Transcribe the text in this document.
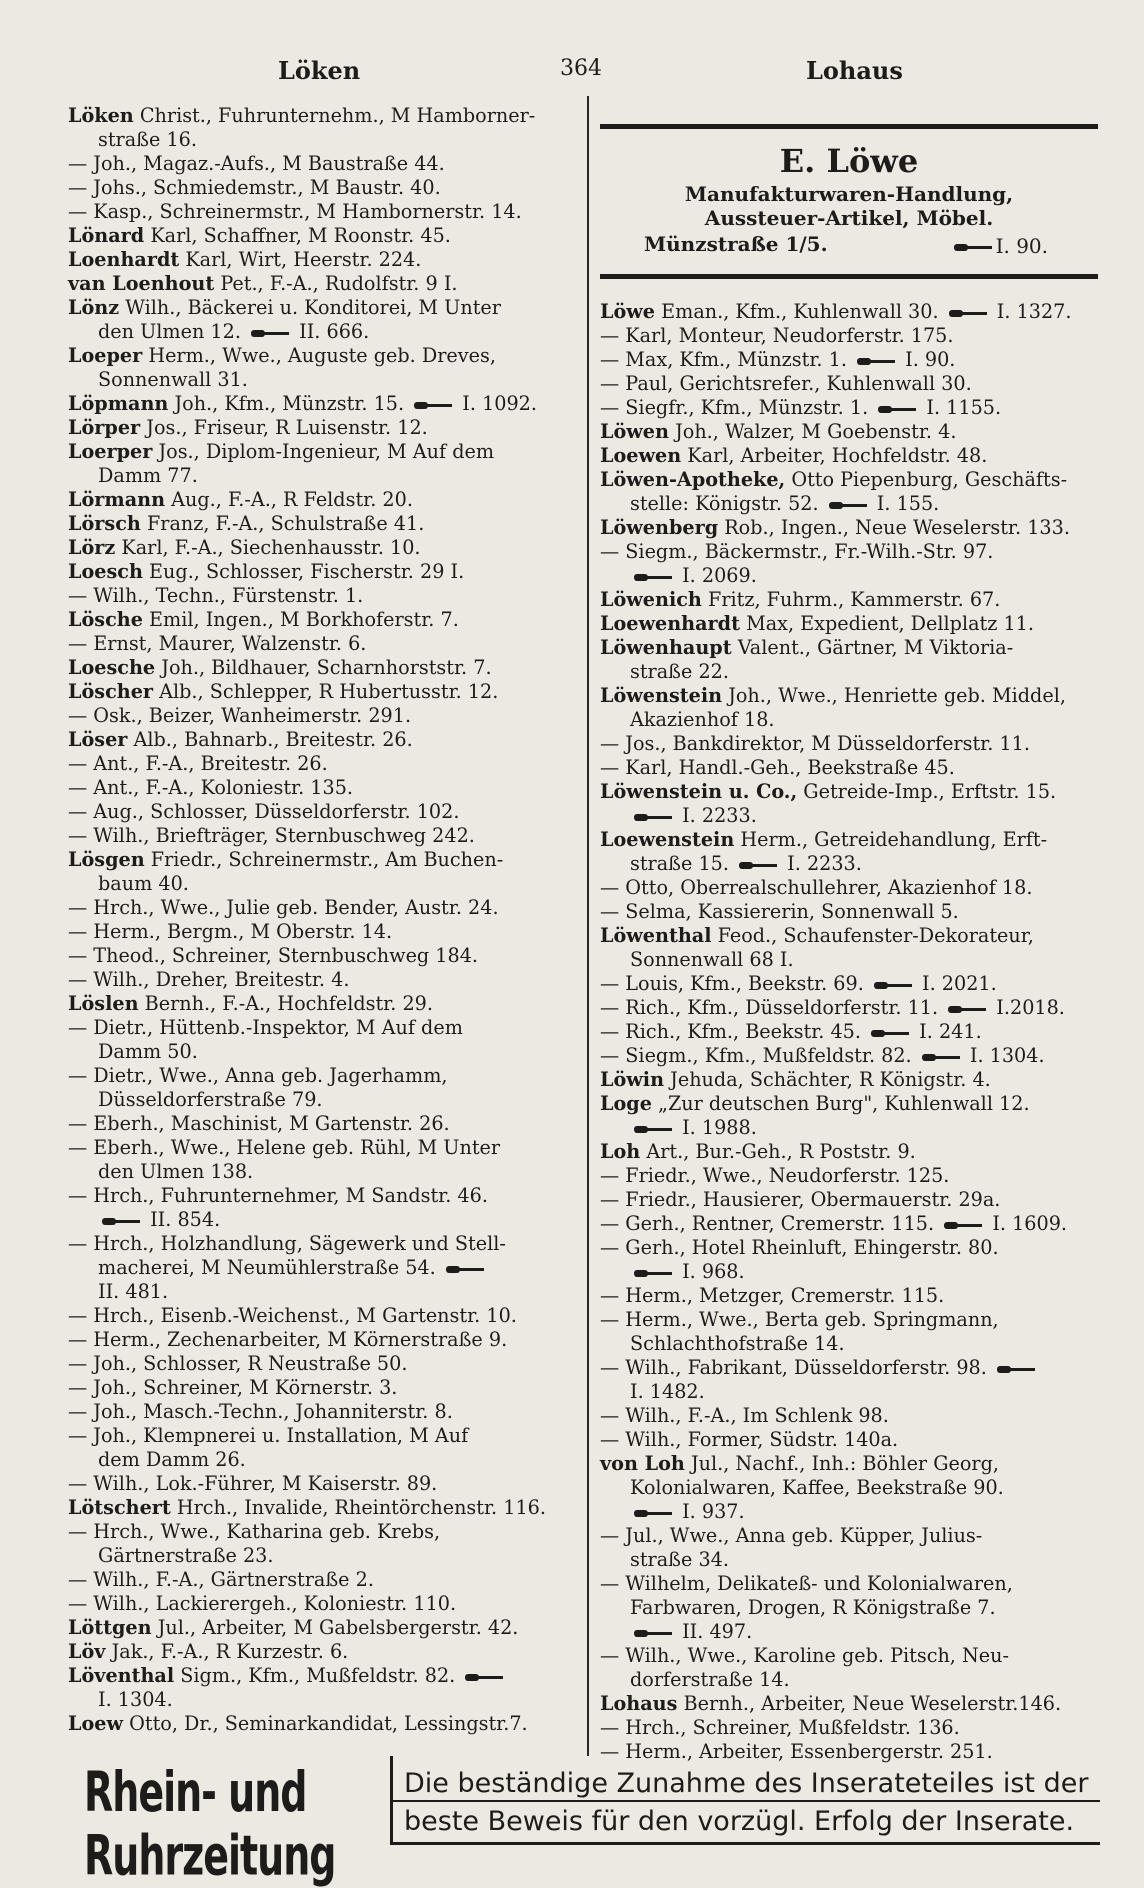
Löken	364	Lohaus
Löken Christ., Fuhrunternehm., M Hamborner-
straße 16.
— Joh., Magaz.-Aufs., M Baustraße 44.
— Johs., Schmiedemstr., M Baustr. 40.
— Kasp., Schreinermstr., M Hambornerstr. 14.
Lönard Karl, Schaffner, M Roonstr. 45.
Loenhardt Karl, Wirt, Heerstr. 224.
van Loenhout Pet., F.-A., Rudolfstr. 9 I.
Lönz Wilh., Bäckerei u. Konditorei, M Unter
den Ulmen 12.  II. 666.
Loeper Herm., Wwe., Auguste geb. Dreves,
Sonnenwall 31.
Löpmann Joh., Kfm., Münzstr. 15.  I. 1092.
Lörper Jos., Friseur, R Luisenstr. 12.
Loerper Jos., Diplom-Ingenieur, M Auf dem
Damm 77.
Lörmann Aug., F.-A., R Feldstr. 20.
Lörsch Franz, F.-A., Schulstraße 41.
Lörz Karl, F.-A., Siechenhausstr. 10.
Loesch Eug., Schlosser, Fischerstr. 29 I.
— Wilh., Techn., Fürstenstr. 1.
Lösche Emil, Ingen., M Borkhoferstr. 7.
— Ernst, Maurer, Walzenstr. 6.
Loesche Joh., Bildhauer, Scharnhorststr. 7.
Löscher Alb., Schlepper, R Hubertusstr. 12.
— Osk., Beizer, Wanheimerstr. 291.
Löser Alb., Bahnarb., Breitestr. 26.
— Ant., F.-A., Breitestr. 26.
— Ant., F.-A., Koloniestr. 135.
— Aug., Schlosser, Düsseldorferstr. 102.
— Wilh., Briefträger, Sternbuschweg 242.
Lösgen Friedr., Schreinermstr., Am Buchen-
baum 40.
— Hrch., Wwe., Julie geb. Bender, Austr. 24.
— Herm., Bergm., M Oberstr. 14.
— Theod., Schreiner, Sternbuschweg 184.
— Wilh., Dreher, Breitestr. 4.
Löslen Bernh., F.-A., Hochfeldstr. 29.
— Dietr., Hüttenb.-Inspektor, M Auf dem
Damm 50.
— Dietr., Wwe., Anna geb. Jagerhamm,
Düsseldorferstraße 79.
— Eberh., Maschinist, M Gartenstr. 26.
— Eberh., Wwe., Helene geb. Rühl, M Unter
den Ulmen 138.
— Hrch., Fuhrunternehmer, M Sandstr. 46.
II. 854.
— Hrch., Holzhandlung, Sägewerk und Stell-
macherei, M Neumühlerstraße 54.
II. 481.
— Hrch., Eisenb.-Weichenst., M Gartenstr. 10.
— Herm., Zechenarbeiter, M Körnerstraße 9.
— Joh., Schlosser, R Neustraße 50.
— Joh., Schreiner, M Körnerstr. 3.
— Joh., Masch.-Techn., Johanniterstr. 8.
— Joh., Klempnerei u. Installation, M Auf
dem Damm 26.
— Wilh., Lok.-Führer, M Kaiserstr. 89.
Lötschert Hrch., Invalide, Rheintörchenstr. 116.
— Hrch., Wwe., Katharina geb. Krebs,
Gärtnerstraße 23.
— Wilh., F.-A., Gärtnerstraße 2.
— Wilh., Lackierergeh., Koloniestr. 110.
Löttgen Jul., Arbeiter, M Gabelsbergerstr. 42.
Löv Jak., F.-A., R Kurzestr. 6.
Löventhal Sigm., Kfm., Mußfeldstr. 82.
I. 1304.
Loew Otto, Dr., Seminarkandidat, Lessingstr.7.
E. Löwe
Manufakturwaren-Handlung,
Aussteuer-Artikel, Möbel.
Münzstraße 1/5.	I. 90.
Löwe Eman., Kfm., Kuhlenwall 30.  I. 1327.
— Karl, Monteur, Neudorferstr. 175.
— Max, Kfm., Münzstr. 1.  I. 90.
— Paul, Gerichtsrefer., Kuhlenwall 30.
— Siegfr., Kfm., Münzstr. 1.  I. 1155.
Löwen Joh., Walzer, M Goebenstr. 4.
Loewen Karl, Arbeiter, Hochfeldstr. 48.
Löwen-Apotheke, Otto Piepenburg, Geschäfts-
stelle: Königstr. 52.  I. 155.
Löwenberg Rob., Ingen., Neue Weselerstr. 133.
— Siegm., Bäckermstr., Fr.-Wilh.-Str. 97.
I. 2069.
Löwenich Fritz, Fuhrm., Kammerstr. 67.
Loewenhardt Max, Expedient, Dellplatz 11.
Löwenhaupt Valent., Gärtner, M Viktoria-
straße 22.
Löwenstein Joh., Wwe., Henriette geb. Middel,
Akazienhof 18.
— Jos., Bankdirektor, M Düsseldorferstr. 11.
— Karl, Handl.-Geh., Beekstraße 45.
Löwenstein u. Co., Getreide-Imp., Erftstr. 15.
I. 2233.
Loewenstein Herm., Getreidehandlung, Erft-
straße 15.  I. 2233.
— Otto, Oberrealschullehrer, Akazienhof 18.
— Selma, Kassiererin, Sonnenwall 5.
Löwenthal Feod., Schaufenster-Dekorateur,
Sonnenwall 68 I.
— Louis, Kfm., Beekstr. 69.  I. 2021.
— Rich., Kfm., Düsseldorferstr. 11.  I.2018.
— Rich., Kfm., Beekstr. 45.  I. 241.
— Siegm., Kfm., Mußfeldstr. 82.  I. 1304.
Löwin Jehuda, Schächter, R Königstr. 4.
Loge „Zur deutschen Burg", Kuhlenwall 12.
I. 1988.
Loh Art., Bur.-Geh., R Poststr. 9.
— Friedr., Wwe., Neudorferstr. 125.
— Friedr., Hausierer, Obermauerstr. 29a.
— Gerh., Rentner, Cremerstr. 115.  I. 1609.
— Gerh., Hotel Rheinluft, Ehingerstr. 80.
I. 968.
— Herm., Metzger, Cremerstr. 115.
— Herm., Wwe., Berta geb. Springmann,
Schlachthofstraße 14.
— Wilh., Fabrikant, Düsseldorferstr. 98.
I. 1482.
— Wilh., F.-A., Im Schlenk 98.
— Wilh., Former, Südstr. 140a.
von Loh Jul., Nachf., Inh.: Böhler Georg,
Kolonialwaren, Kaffee, Beekstraße 90.
I. 937.
— Jul., Wwe., Anna geb. Küpper, Julius-
straße 34.
— Wilhelm, Delikateß- und Kolonialwaren,
Farbwaren, Drogen, R Königstraße 7.
II. 497.
— Wilh., Wwe., Karoline geb. Pitsch, Neu-
dorferstraße 14.
Lohaus Bernh., Arbeiter, Neue Weselerstr.146.
— Hrch., Schreiner, Mußfeldstr. 136.
— Herm., Arbeiter, Essenbergerstr. 251.
Rhein- und Ruhrzeitung
Die beständige Zunahme des Inserateteiles ist der
beste Beweis für den vorzügl. Erfolg der Inserate.
